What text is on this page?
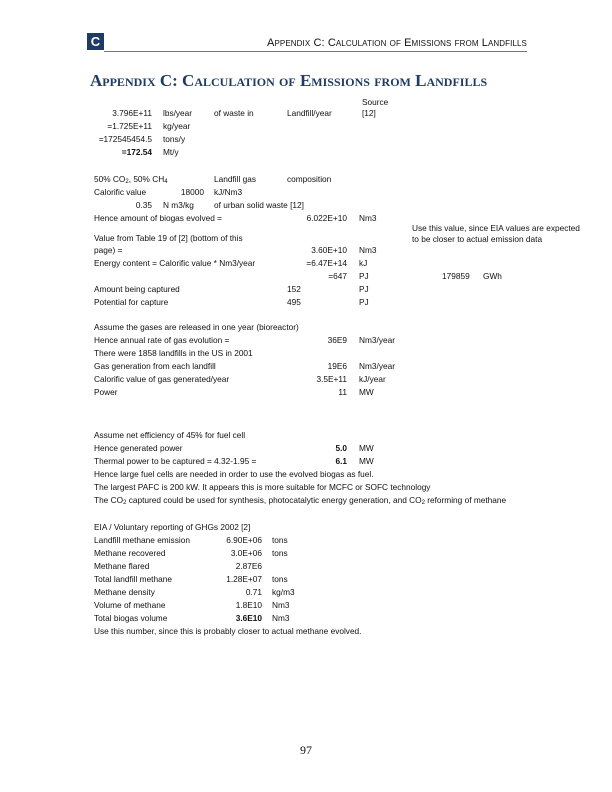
C	Appendix C: Calculation of Emissions from Landfills
Appendix C: Calculation of Emissions from Landfills
Source
[12]
3.796E+11 lbs/year	of waste in	Landfill/year
=1.725E+11 kg/year
=172545454.5 tons/y
=172.54 Mt/y
50% $CO_2$, 50% $CH_4$	Landfill gas	composition
Calorific value	18000 kJ/Nm3
0.35 N m3/kg of urban solid waste [12]
Hence amount of biogas evolved =	6.022E+10 Nm3
Value from Table 19 of [2] (bottom of this
page) =	3.60E+10 Nm3
Energy content = Calorific value * Nm3/year	=6.47E+14 kJ
=647 PJ	179859 GWh
Amount being captured	152	PJ
Potential for capture	495	PJ
Use this value, since EIA values are expected to be closer to actual emission data
Assume the gases are released in one year (bioreactor)
Hence annual rate of gas evolution =	36E9 Nm3/year
There were 1858 landfills in the US in 2001
Gas generation from each landfill	19E6 Nm3/year
Calorific value of gas generated/year	3.5E+11 kJ/year
Power	11 MW
Assume net efficiency of 45% for fuel cell
Hence generated power	5.0 MW
Thermal power to be captured = 4.32-1.95 =	6.1 MW
Hence large fuel cells are needed in order to use the evolved biogas as fuel.
The largest PAFC is 200 kW. It appears this is more suitable for MCFC or SOFC technology
The $CO_2$ captured could be used for synthesis, photocatalytic energy generation, and $CO_2$ reforming of methane
EIA / Voluntary reporting of GHGs 2002 [2]
Landfill methane emission	6.90E+06 tons
Methane recovered	3.0E+06 tons
Methane flared	2.87E6
Total landfill methane	1.28E+07 tons
Methane density	0.71 kg/m3
Volume of methane	1.8E10 Nm3
Total biogas volume	3.6E10 Nm3
Use this number, since this is probably closer to actual methane evolved.
97
